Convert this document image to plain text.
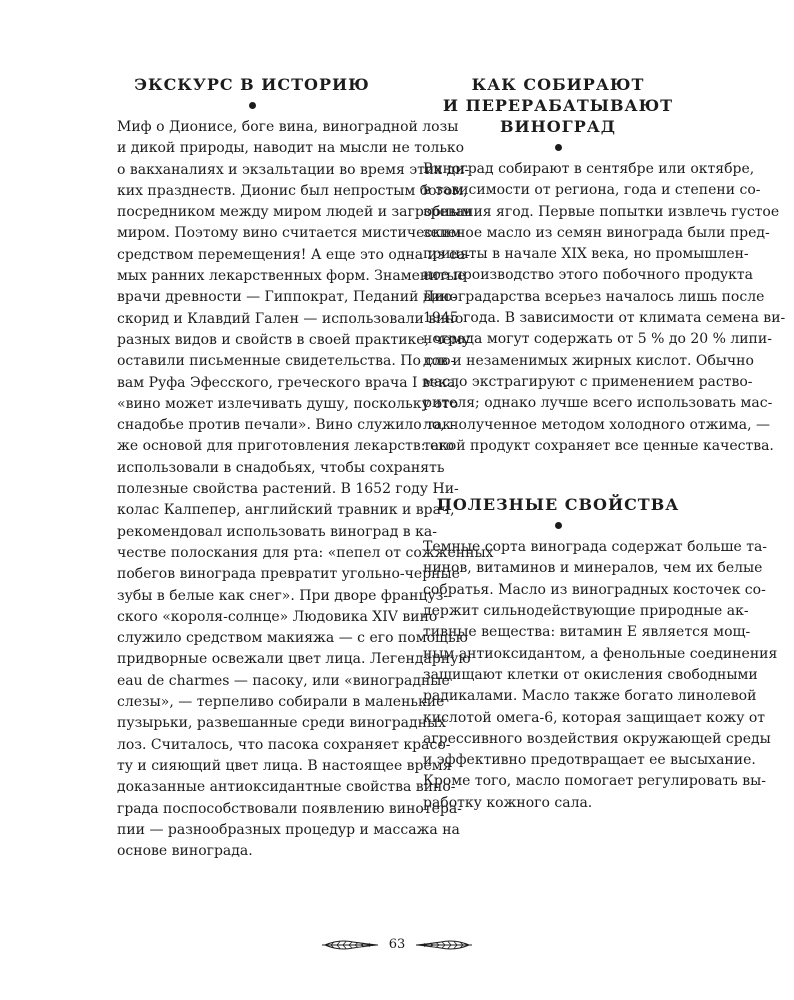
ЭКСКУРС В ИСТОРИЮ
Миф о Дионисе, боге вина, виноградной лозы
и дикой природы, наводит на мысли не только
о вакханалиях и экзальтации во время этих ди-
ких празднеств. Дионис был непростым богом,
посредником между миром людей и загробным
миром. Поэтому вино считается мистическим
средством перемещения! А еще это одна из са-
мых ранних лекарственных форм. Знаменитые
врачи древности — Гиппократ, Педаний Дио-
скорид и Клавдий Гален — использовали вино
разных видов и свойств в своей практике, чему
оставили письменные свидетельства. По сло-
вам Руфа Эфесского, греческого врача I века,
«вино может излечивать душу, поскольку это
снадобье против печали». Вино служило так-
же основой для приготовления лекарств: его
использовали в снадобьях, чтобы сохранять
полезные свойства растений. В 1652 году Ни-
колас Калпепер, английский травник и врач,
рекомендовал использовать виноград в ка-
честве полоскания для рта: «пепел от сожженных
побегов винограда превратит угольно-черные
зубы в белые как снег». При дворе француз-
ского «короля-солнце» Людовика XIV вино
служило средством макияжа — с его помощью
придворные освежали цвет лица. Легендарную
eau de charmes — пасоку, или «виноградные
слезы», — терпеливо собирали в маленькие
пузырьки, развешанные среди виноградных
лоз. Считалось, что пасока сохраняет красо-
ту и сияющий цвет лица. В настоящее время
доказанные антиоксидантные свойства вино-
града поспособствовали появлению винотера-
пии — разнообразных процедур и массажа на
основе винограда.
КАК СОБИРАЮТ
И ПЕРЕРАБАТЫВАЮТ
ВИНОГРАД
Виноград собирают в сентябре или октябре,
в зависимости от региона, года и степени со-
зревания ягод. Первые попытки извлечь густое
зеленое масло из семян винограда были пред-
приняты в начале XIX века, но промышлен-
ное производство этого побочного продукта
виноградарства всерьез началось лишь после
1945 года. В зависимости от климата семена ви-
нограда могут содержать от 5 % до 20 % липи-
дов и незаменимых жирных кислот. Обычно
масло экстрагируют с применением раство-
рителя; однако лучше всего использовать мас-
ло, полученное методом холодного отжима, —
такой продукт сохраняет все ценные качества.
ПОЛЕЗНЫЕ СВОЙСТВА
Темные сорта винограда содержат больше та-
нинов, витаминов и минералов, чем их белые
собратья. Масло из виноградных косточек со-
держит сильнодействующие природные ак-
тивные вещества: витамин Е является мощ-
ным антиоксидантом, а фенольные соединения
защищают клетки от окисления свободными
радикалами. Масло также богато линолевой
кислотой омега-6, которая защищает кожу от
агрессивного воздействия окружающей среды
и эффективно предотвращает ее высыхание.
Кроме того, масло помогает регулировать вы-
работку кожного сала.
63
